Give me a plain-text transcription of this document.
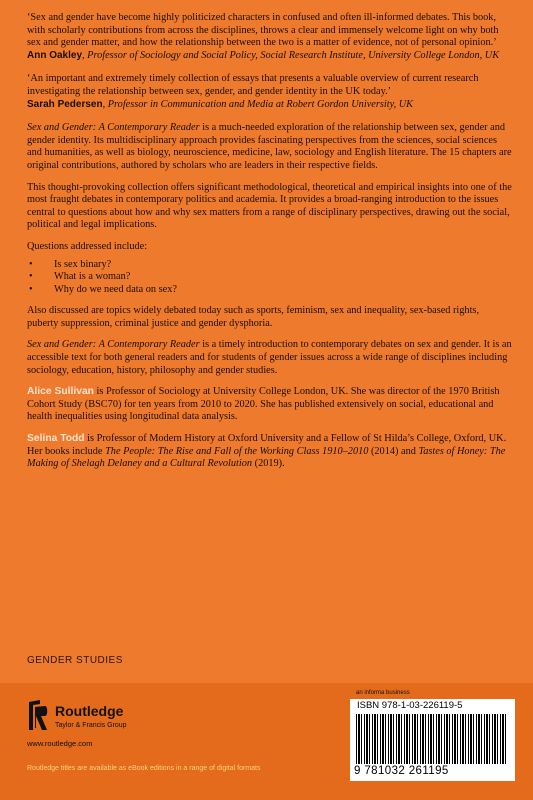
‘Sex and gender have become highly politicized characters in confused and often ill-informed debates. This book, with scholarly contributions from across the disciplines, throws a clear and immensely welcome light on why both sex and gender matter, and how the relationship between the two is a matter of evidence, not of personal opinion.’

Ann Oakley, Professor of Sociology and Social Policy, Social Research Institute, University College London, UK

‘An important and extremely timely collection of essays that presents a valuable overview of current research investigating the relationship between sex, gender, and gender identity in the UK today.’

Sarah Pedersen, Professor in Communication and Media at Robert Gordon University, UK

Sex and Gender: A Contemporary Reader is a much-needed exploration of the relationship between sex, gender and gender identity. Its multidisciplinary approach provides fascinating perspectives from the sciences, social sciences and humanities, as well as biology, neuroscience, medicine, law, sociology and English literature. The 15 chapters are original contributions, authored by scholars who are leaders in their respective fields.

This thought-provoking collection offers significant methodological, theoretical and empirical insights into one of the most fraught debates in contemporary politics and academia. It provides a broad-ranging introduction to the issues central to questions about how and why sex matters from a range of disciplinary perspectives, drawing out the social, political and legal implications.

Questions addressed include:

• Is sex binary?
• What is a woman?
• Why do we need data on sex?

Also discussed are topics widely debated today such as sports, feminism, sex and inequality, sex-based rights, puberty suppression, criminal justice and gender dysphoria.

Sex and Gender: A Contemporary Reader is a timely introduction to contemporary debates on sex and gender. It is an accessible text for both general readers and for students of gender issues across a wide range of disciplines including sociology, education, history, philosophy and gender studies.

Alice Sullivan is Professor of Sociology at University College London, UK. She was director of the 1970 British Cohort Study (BSC70) for ten years from 2010 to 2020. She has published extensively on social, educational and health inequalities using longitudinal data analysis.

Selina Todd is Professor of Modern History at Oxford University and a Fellow of St Hilda’s College, Oxford, UK. Her books include The People: The Rise and Fall of the Working Class 1910–2010 (2014) and Tastes of Honey: The Making of Shelagh Delaney and a Cultural Revolution (2019).

GENDER STUDIES
Routledge
Taylor & Francis Group
www.routledge.com
Routledge titles are available as eBook editions in a range of digital formats
an informa business
ISBN 978-1-03-226119-5
9 781032 261195
